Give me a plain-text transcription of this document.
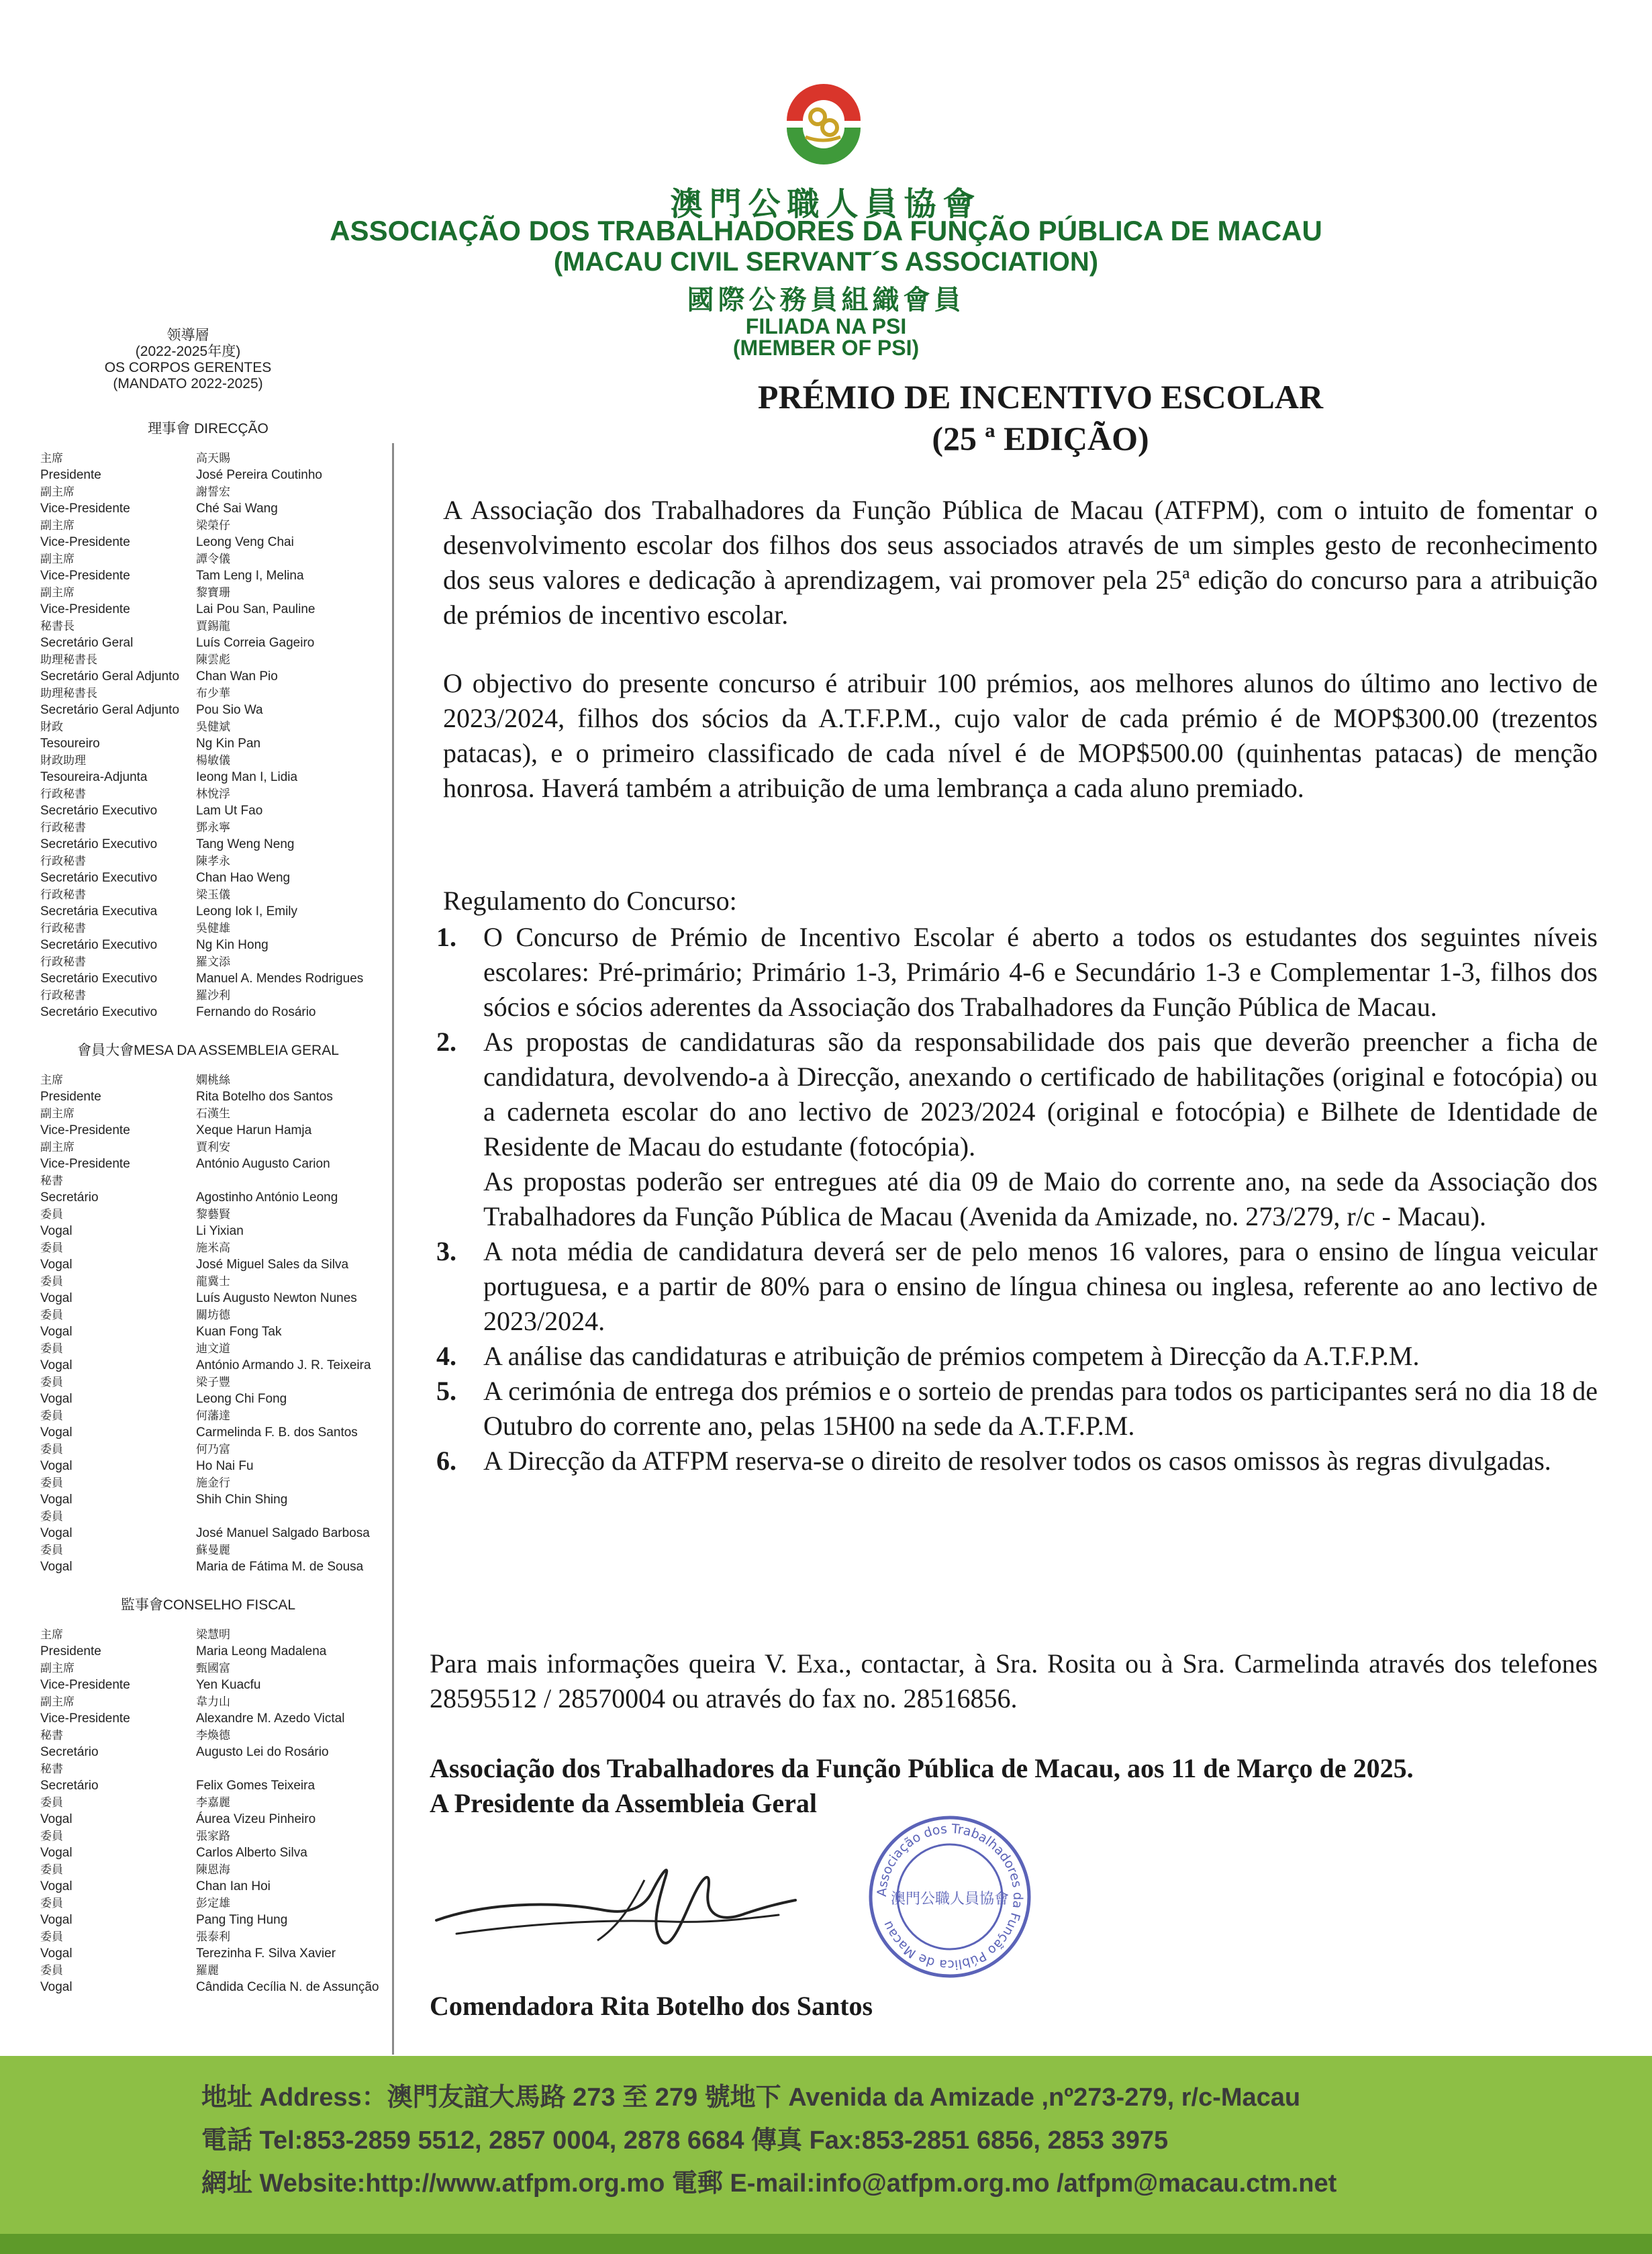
澳門公職人員協會
ASSOCIAÇÃO DOS TRABALHADORES DA FUNÇÃO PÚBLICA DE MACAU
(MACAU CIVIL SERVANT´S ASSOCIATION)
國際公務員組織會員
FILIADA NA PSI
(MEMBER OF PSI)
领導層
(2022-2025年度)
OS CORPOS GERENTES
(MANDATO 2022-2025)
理事會 DIRECÇÃO
主席	高天賜
Presidente	José Pereira Coutinho
副主席	謝誓宏
Vice-Presidente	Ché Sai Wang
副主席	梁榮仔
Vice-Presidente	Leong Veng Chai
副主席	譚令儀
Vice-Presidente	Tam Leng I, Melina
副主席	黎寶珊
Vice-Presidente	Lai Pou San, Pauline
秘書長	賈錫龍
Secretário Geral	Luís Correia Gageiro
助理秘書長	陳雲彪
Secretário Geral Adjunto	Chan Wan Pio
助理秘書長	布少華
Secretário Geral Adjunto	Pou Sio Wa
財政	吳健斌
Tesoureiro	Ng Kin Pan
財政助理	楊敏儀
Tesoureira-Adjunta	Ieong Man I, Lidia
行政秘書	林悅浮
Secretário Executivo	Lam Ut Fao
行政秘書	鄧永寧
Secretário Executivo	Tang Weng Neng
行政秘書	陳孝永
Secretário Executivo	Chan Hao Weng
行政秘書	梁玉儀
Secretária Executiva	Leong Iok I, Emily
行政秘書	吳健雄
Secretário Executivo	Ng Kin Hong
行政秘書	羅文添
Secretário Executivo	Manuel A. Mendes Rodrigues
行政秘書	羅沙利
Secretário Executivo	Fernando do Rosário
會員大會MESA DA ASSEMBLEIA GERAL
主席	嫻桃絲
Presidente	Rita Botelho dos Santos
副主席	石漢生
Vice-Presidente	Xeque Harun Hamja
副主席	賈利安
Vice-Presidente	António Augusto Carion
秘書
Secretário	Agostinho António Leong
委員	黎藝賢
Vogal	Li Yixian
委員	施米高
Vogal	José Miguel Sales da Silva
委員	龍冀士
Vogal	Luís Augusto Newton Nunes
委員	關坊德
Vogal	Kuan Fong Tak
委員	迪文道
Vogal	António Armando J. R. Teixeira
委員	梁子豐
Vogal	Leong Chi Fong
委員	何藩達
Vogal	Carmelinda F. B. dos Santos
委員	何乃富
Vogal	Ho Nai Fu
委員	施金行
Vogal	Shih Chin Shing
委員
Vogal	José Manuel Salgado Barbosa
委員	蘇曼麗
Vogal	Maria de Fátima M. de Sousa
監事會CONSELHO FISCAL
主席	梁慧明
Presidente	Maria Leong Madalena
副主席	甄國富
Vice-Presidente	Yen Kuacfu
副主席	韋力山
Vice-Presidente	Alexandre M. Azedo Victal
秘書	李煥德
Secretário	Augusto Lei do Rosário
秘書
Secretário	Felix Gomes Teixeira
委員	李嘉麗
Vogal	Áurea Vizeu Pinheiro
委員	張家路
Vogal	Carlos Alberto Silva
委員	陳恩海
Vogal	Chan Ian Hoi
委員	彭定雄
Vogal	Pang Ting Hung
委員	張泰利
Vogal	Terezinha F. Silva Xavier
委員	羅麗
Vogal	Cândida Cecília N. de Assunção
PRÉMIO DE INCENTIVO ESCOLAR
(25 ª EDIÇÃO)

A Associação dos Trabalhadores da Função Pública de Macau (ATFPM), com o intuito de fomentar o desenvolvimento escolar dos filhos dos seus associados através de um simples gesto de reconhecimento dos seus valores e dedicação à aprendizagem, vai promover pela 25ª edição do concurso para a atribuição de prémios de incentivo escolar.

O objectivo do presente concurso é atribuir 100 prémios, aos melhores alunos do último ano lectivo de 2023/2024, filhos dos sócios da A.T.F.P.M., cujo valor de cada prémio é de MOP$300.00 (trezentos patacas), e o primeiro classificado de cada nível é de MOP$500.00 (quinhentas patacas) de menção honrosa. Haverá também a atribuição de uma lembrança a cada aluno premiado.

Regulamento do Concurso:
1.	O Concurso de Prémio de Incentivo Escolar é aberto a todos os estudantes dos seguintes níveis escolares: Pré-primário; Primário 1-3, Primário 4-6 e Secundário 1-3 e Complementar 1-3, filhos dos sócios e sócios aderentes da Associação dos Trabalhadores da Função Pública de Macau.
2.	As propostas de candidaturas são da responsabilidade dos pais que deverão preencher a ficha de candidatura, devolvendo-a à Direcção, anexando o certificado de habilitações (original e fotocópia) ou a caderneta escolar do ano lectivo de 2023/2024 (original e fotocópia) e Bilhete de Identidade de Residente de Macau do estudante (fotocópia).
As propostas poderão ser entregues até dia 09 de Maio do corrente ano, na sede da Associação dos Trabalhadores da Função Pública de Macau (Avenida da Amizade, no. 273/279, r/c - Macau).
3.	A nota média de candidatura deverá ser de pelo menos 16 valores, para o ensino de língua veicular portuguesa, e a partir de 80% para o ensino de língua chinesa ou inglesa, referente ao ano lectivo de 2023/2024.
4.	A análise das candidaturas e atribuição de prémios competem à Direcção da A.T.F.P.M.
5.	A cerimónia de entrega dos prémios e o sorteio de prendas para todos os participantes será no dia 18 de Outubro do corrente ano, pelas 15H00 na sede da A.T.F.P.M.
6.	A Direcção da ATFPM reserva-se o direito de resolver todos os casos omissos às regras divulgadas.
Para mais informações queira V. Exa., contactar, à Sra. Rosita ou à Sra. Carmelinda através dos telefones 28595512 / 28570004 ou através do fax no. 28516856.
Associação dos Trabalhadores da Função Pública de Macau, aos 11 de Março de 2025.
A Presidente da Assembleia Geral
Comendadora Rita Botelho dos Santos
Associação dos Trabalhadores da Função Pública de Macau
澳門公職人員協會
地址 Address：澳門友誼大馬路 273 至 279 號地下 Avenida da Amizade ,nº273-279, r/c-Macau
電話 Tel:853-2859 5512, 2857 0004, 2878 6684 傳真 Fax:853-2851 6856, 2853 3975
網址 Website:http://www.atfpm.org.mo 電郵 E-mail:info@atfpm.org.mo /atfpm@macau.ctm.net
